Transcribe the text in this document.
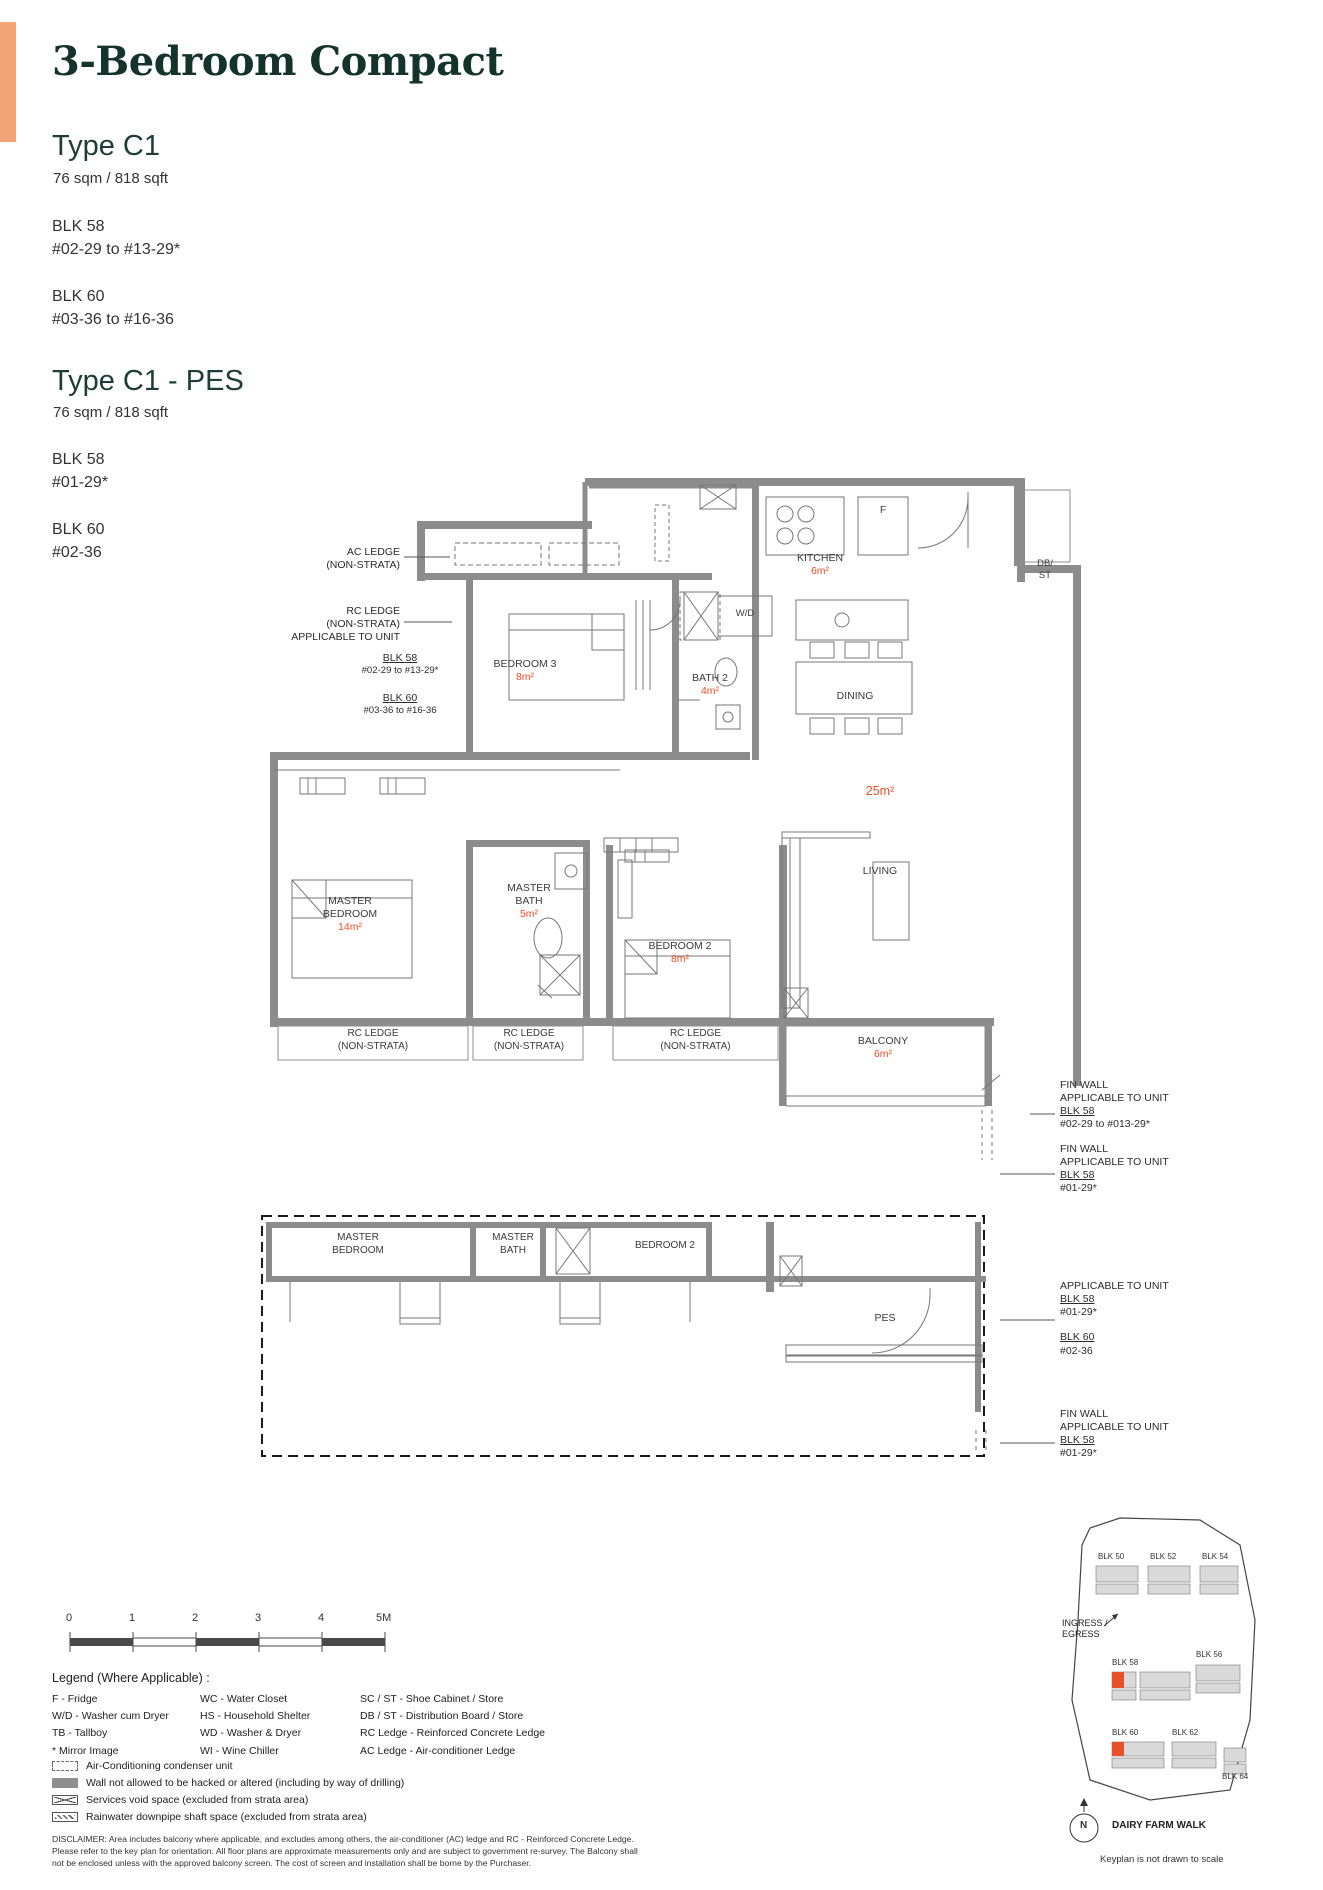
3-Bedroom Compact
Type C1
76 sqm / 818 sqft
BLK 58
#02-29 to #13-29*
BLK 60
#03-36 to #16-36
Type C1 - PES
76 sqm / 818 sqft
BLK 58
#01-29*
BLK 60
#02-36	AC LEDGE
(NON-STRATA)
RC LEDGE
(NON-STRATA)
APPLICABLE TO UNIT
BLK 58
#02-29 to #13-29*
BLK 60
#03-36 to #16-36
KITCHEN
6m²
BEDROOM 3
8m²	BATH 2
4m²	DINING
LIVING
25m²
MASTER
BEDROOM
14m²
MASTER
BATH
5m²
BEDROOM 2
8m²
BALCONY
6m²
DB/
ST
F
W/D
RC LEDGE
(NON-STRATA)
RC LEDGE
(NON-STRATA)
RC LEDGE
(NON-STRATA)
FIN WALL
APPLICABLE TO UNIT
BLK 58
#02-29 to #013-29*
FIN WALL
APPLICABLE TO UNIT
BLK 58
#01-29*
MASTER
BEDROOM
MASTER
BATH	BEDROOM 2
PES
APPLICABLE TO UNIT
BLK 58
#01-29*
BLK 60
#02-36
FIN WALL
APPLICABLE TO UNIT
BLK 58
#01-29*
0	1	2	3	4	5M
Legend (Where Applicable) :
F - Fridge	WC - Water Closet	SC / ST - Shoe Cabinet / Store
W/D - Washer cum Dryer	HS - Household Shelter	DB / ST - Distribution Board / Store
TB - Tallboy	WD - Washer & Dryer	RC Ledge - Reinforced Concrete Ledge
* Mirror Image	WI - Wine Chiller	AC Ledge - Air-conditioner Ledge
Air-Conditioning condenser unit
Wall not allowed to be hacked or altered (including by way of drilling)
Services void space (excluded from strata area)
Rainwater downpipe shaft space (excluded from strata area)
DISCLAIMER: Area includes balcony where applicable, and excludes among others, the air-conditioner (AC) ledge and RC - Reinforced Concrete Ledge. Please refer to the key plan for orientation. All floor plans are approximate measurements only and are subject to government re-survey. The Balcony shall not be enclosed unless with the approved balcony screen. The cost of screen and installation shall be borne by the Purchaser.
BLK 50	BLK 52	BLK 54
BLK 58
BLK 56
BLK 60	BLK 62
BLK 64
INGRESS /
EGRESS
DAIRY FARM WALK
N
Keyplan is not drawn to scale
